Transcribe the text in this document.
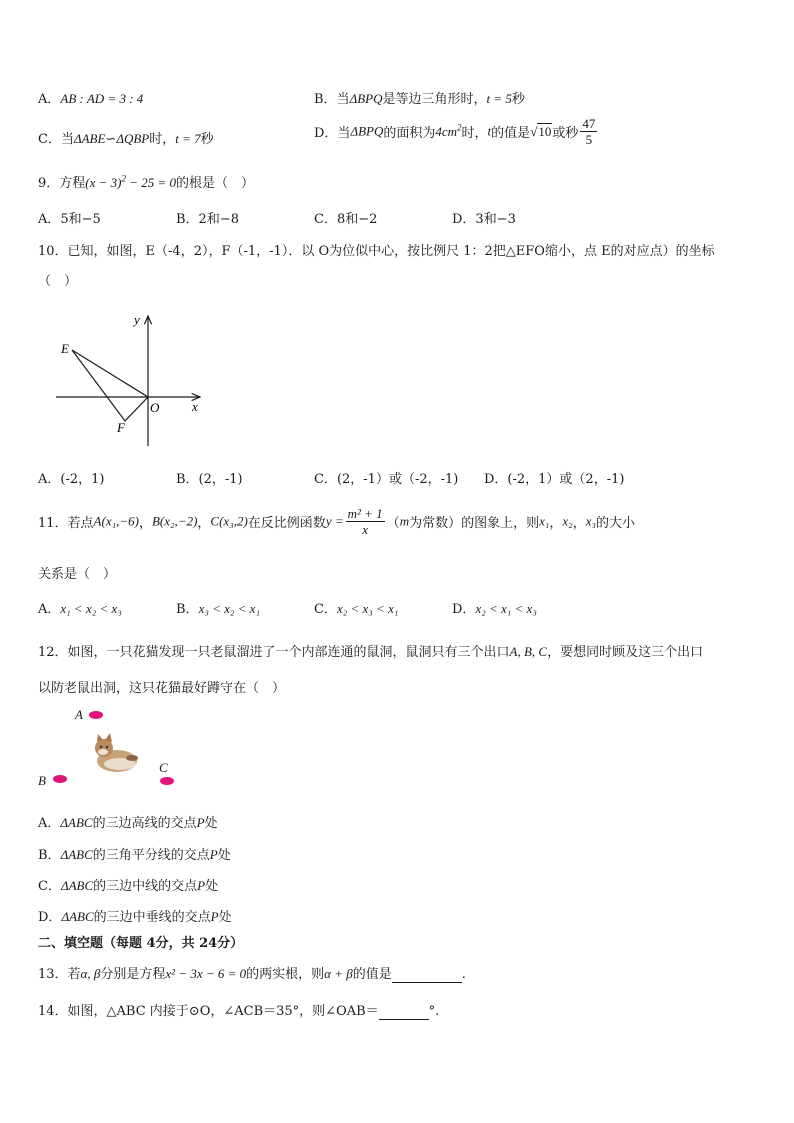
A．AB : AD = 3 : 4	B．当ΔBPQ是等边三角形时，t = 5秒
C．当ΔABE∽ΔQBP时，t = 7秒	D．当ΔBPQ的面积为$4cm^2$时，t的值是√10或秒 $\frac{47}{5}$
9．方程$(x - 3)^2 - 25 = 0$的根是（　）
A．5和−5	B．2和−8	C．8和−2	D．3和−3
10．已知，如图，E（-4，2），F（-1，-1）．以 O为位似中心，按比例尺 1：2把△EFO缩小，点 E的对应点）的坐标
（　）
y
x
O
E
F
A．(-2，1)	B．(2，-1)	C．(2，-1）或（-2，-1) D．(-2，1）或（2，-1)
11．若点A(x₁,−6)，B(x₂,−2)，C(x₃,2)在反比例函数$y = \frac{\text{m² + 1}}{x} (m$为常数）的图象上，则x₁，x₂，x₃的大小
关系是（　）
A．x₁ < x₂ < x₃	B．x₃ < x₂ < x₁	C．x₂ < x₃ < x₁	D．x₂ < x₁ < x₃
12．如图，一只花猫发现一只老鼠溜进了一个内部连通的鼠洞，鼠洞只有三个出口A, B, C，要想同时顾及这三个出口
以防老鼠出洞，这只花猫最好蹲守在（　）
A
B
C
A．ΔABC的三边高线的交点P处
B．ΔABC的三角平分线的交点P处
C．ΔABC的三边中线的交点P处
D．ΔABC的三边中垂线的交点P处
二、填空题（每题 4分，共 24分）
13．若α, β分别是方程x² − 3x − 6 = 0的两实根，则α + β的值是	.
14．如图，△ABC 内接于⊙O，∠ACB＝35°，则∠OAB＝	°.
